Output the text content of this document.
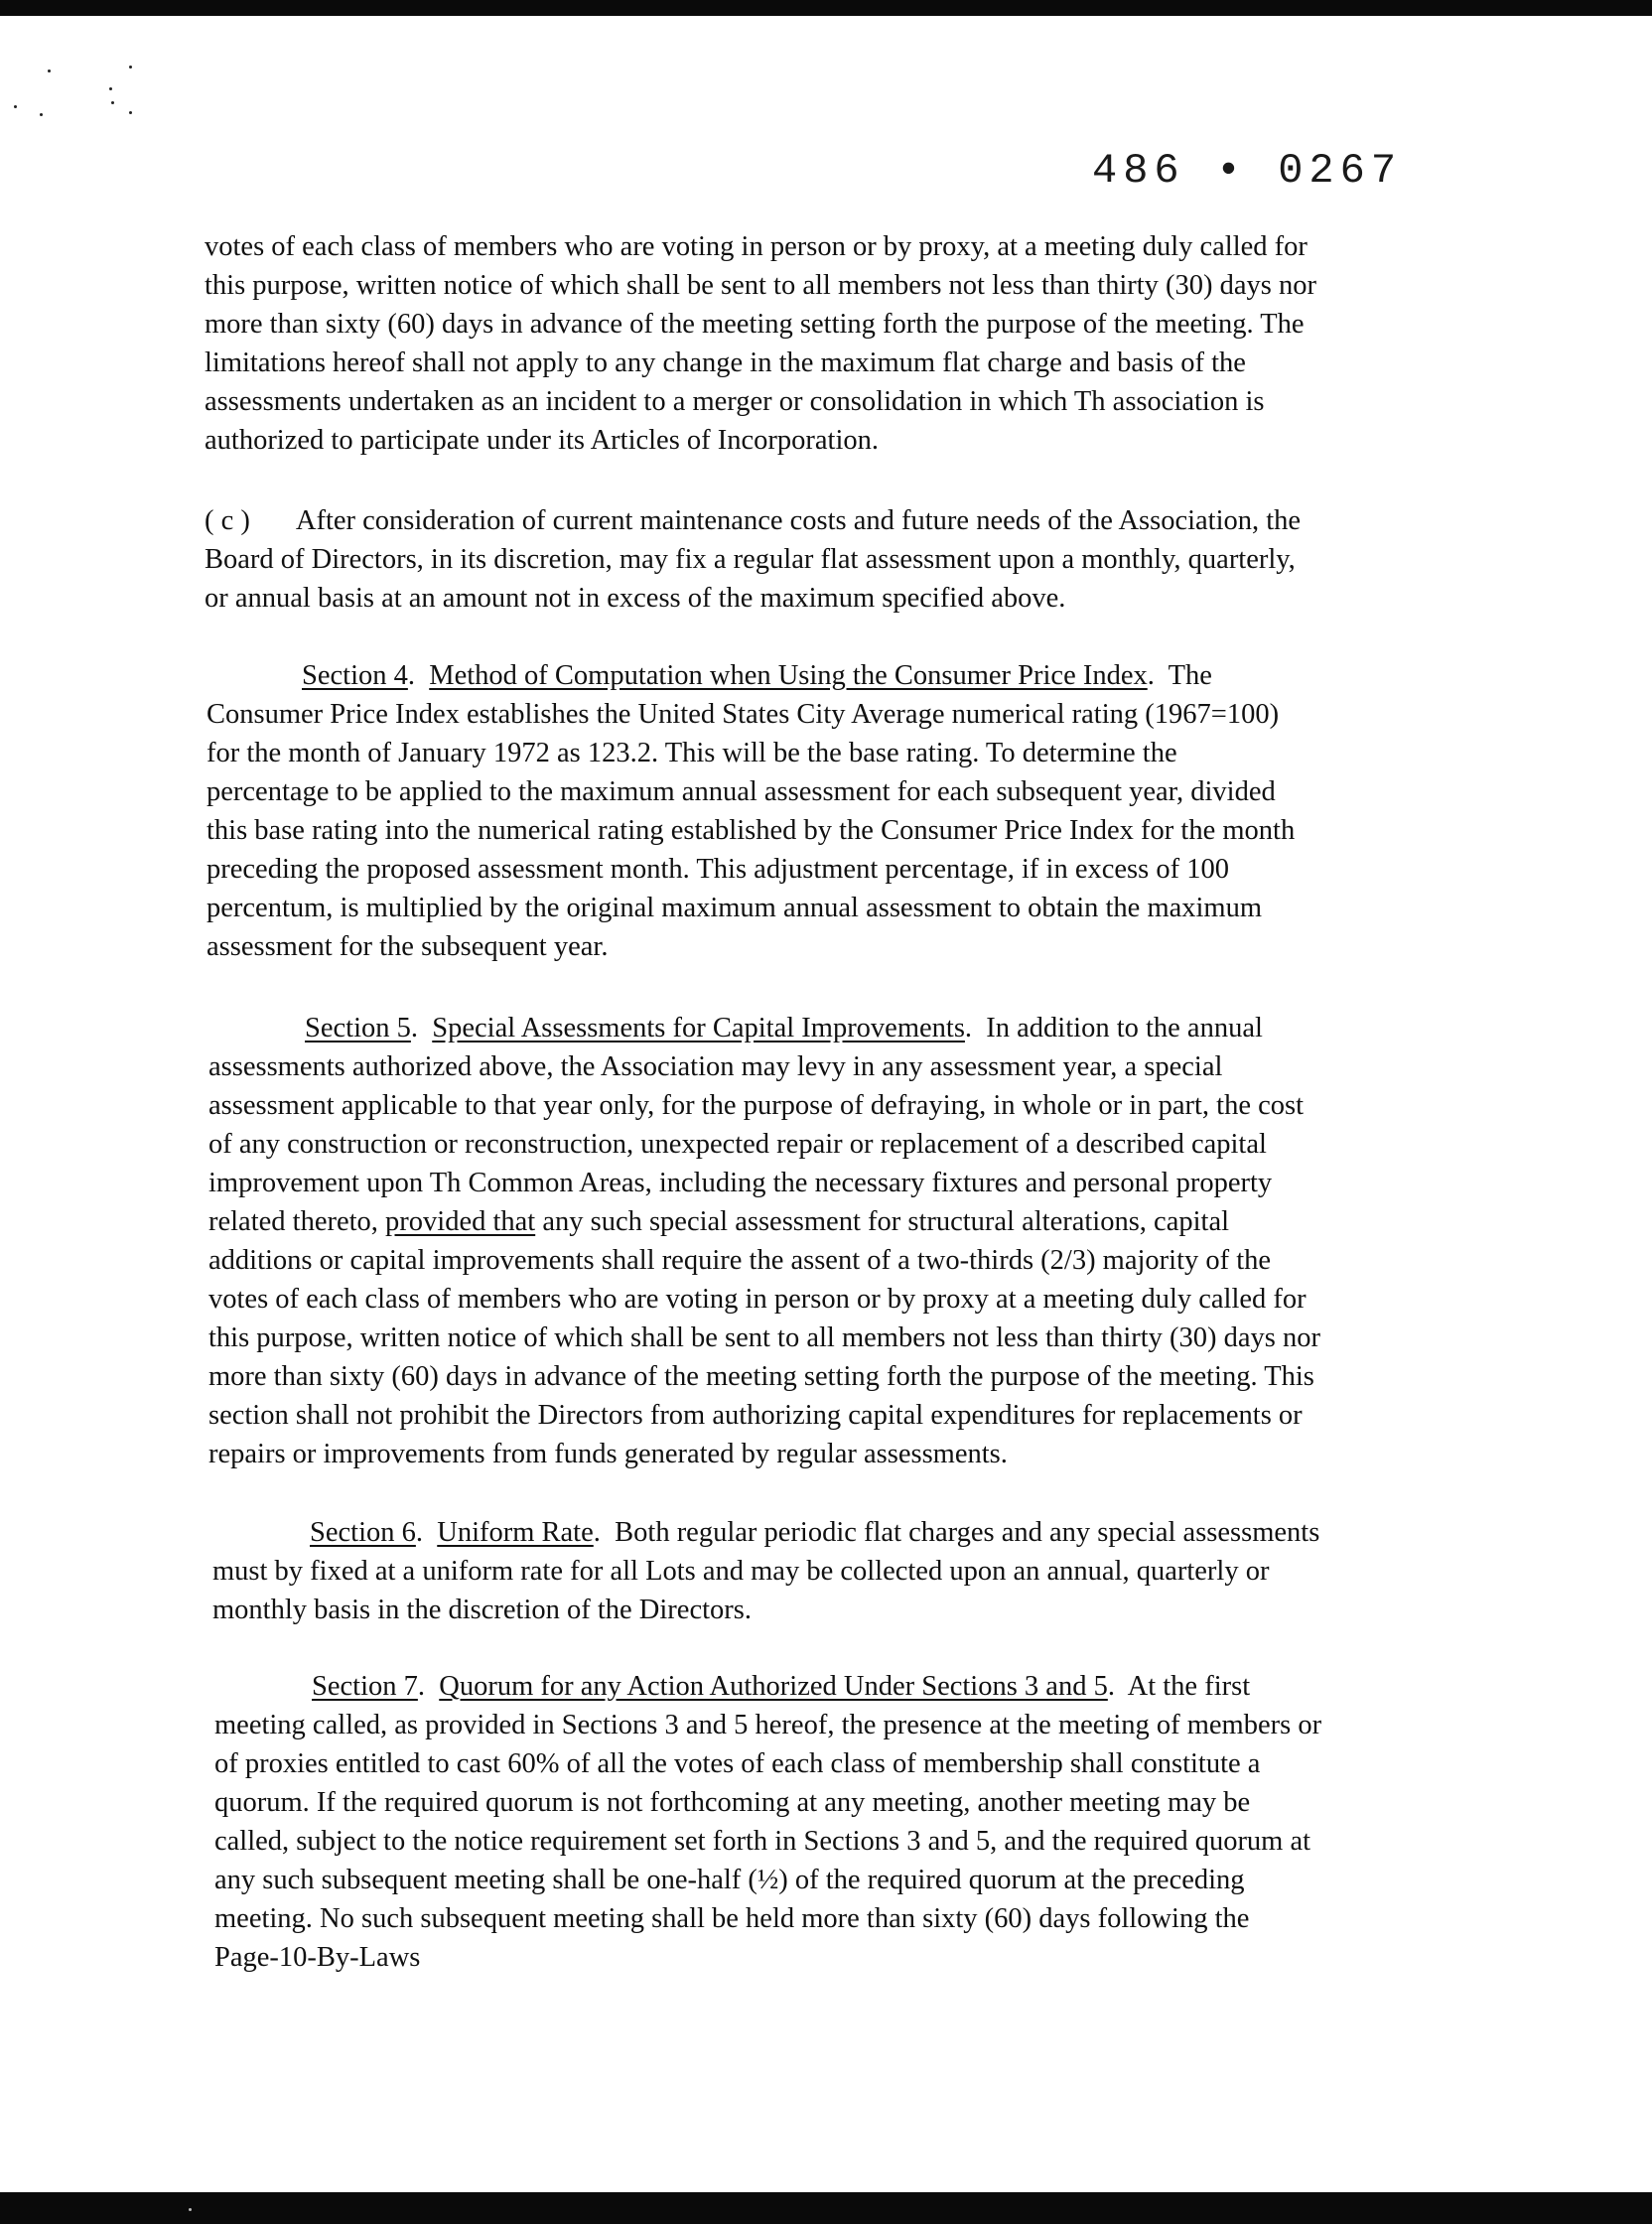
486 • 0267
votes of each class of members who are voting in person or by proxy, at a meeting duly called for
this purpose, written notice of which shall be sent to all members not less than thirty (30) days nor
more than sixty (60) days in advance of the meeting setting forth the purpose of the meeting. The
limitations hereof shall not apply to any change in the maximum flat charge and basis of the
assessments undertaken as an incident to a merger or consolidation in which Th association is
authorized to participate under its Articles of Incorporation.
( c ) After consideration of current maintenance costs and future needs of the Association, the
Board of Directors, in its discretion, may fix a regular flat assessment upon a monthly, quarterly,
or annual basis at an amount not in excess of the maximum specified above.
Section 4.  Method of Computation when Using the Consumer Price Index.  The
Consumer Price Index establishes the United States City Average numerical rating (1967=100)
for the month of January 1972 as 123.2. This will be the base rating. To determine the
percentage to be applied to the maximum annual assessment for each subsequent year, divided
this base rating into the numerical rating established by the Consumer Price Index for the month
preceding the proposed assessment month. This adjustment percentage, if in excess of 100
percentum, is multiplied by the original maximum annual assessment to obtain the maximum
assessment for the subsequent year.
Section 5.  Special Assessments for Capital Improvements.  In addition to the annual
assessments authorized above, the Association may levy in any assessment year, a special
assessment applicable to that year only, for the purpose of defraying, in whole or in part, the cost
of any construction or reconstruction, unexpected repair or replacement of a described capital
improvement upon Th Common Areas, including the necessary fixtures and personal property
related thereto, provided that any such special assessment for structural alterations, capital
additions or capital improvements shall require the assent of a two-thirds (2/3) majority of the
votes of each class of members who are voting in person or by proxy at a meeting duly called for
this purpose, written notice of which shall be sent to all members not less than thirty (30) days nor
more than sixty (60) days in advance of the meeting setting forth the purpose of the meeting. This
section shall not prohibit the Directors from authorizing capital expenditures for replacements or
repairs or improvements from funds generated by regular assessments.
Section 6.  Uniform Rate.  Both regular periodic flat charges and any special assessments
must by fixed at a uniform rate for all Lots and may be collected upon an annual, quarterly or
monthly basis in the discretion of the Directors.
Section 7.  Quorum for any Action Authorized Under Sections 3 and 5.  At the first
meeting called, as provided in Sections 3 and 5 hereof, the presence at the meeting of members or
of proxies entitled to cast 60% of all the votes of each class of membership shall constitute a
quorum. If the required quorum is not forthcoming at any meeting, another meeting may be
called, subject to the notice requirement set forth in Sections 3 and 5, and the required quorum at
any such subsequent meeting shall be one-half (½) of the required quorum at the preceding
meeting. No such subsequent meeting shall be held more than sixty (60) days following the
Page-10-By-Laws
